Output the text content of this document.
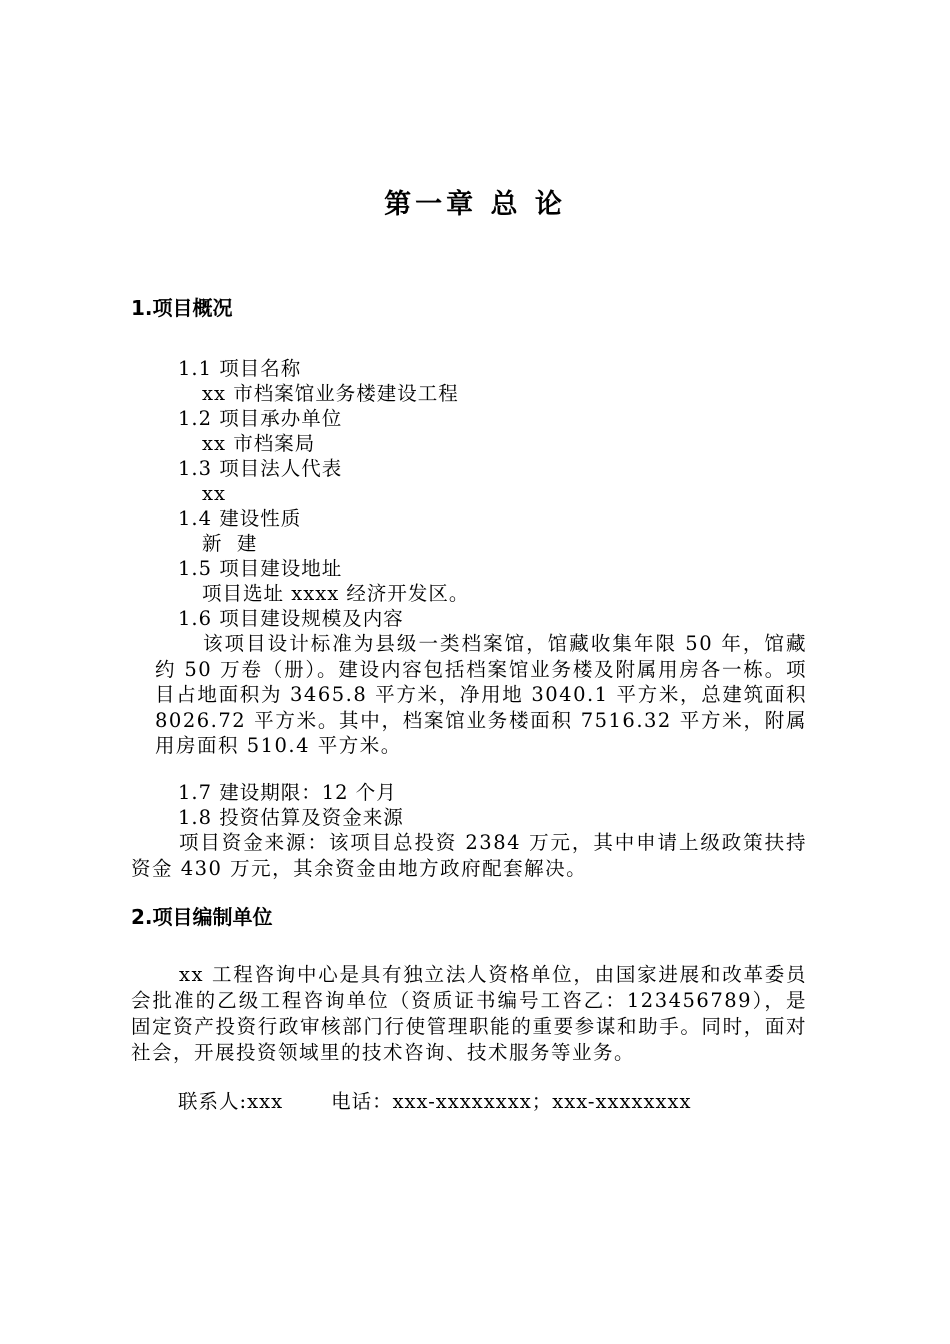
第一章 总 论
1.项目概况
1.1 项目名称
xx 市档案馆业务楼建设工程
1.2 项目承办单位
xx 市档案局
1.3 项目法人代表
xx
1.4 建设性质
新  建
1.5 项目建设地址
项目选址 xxxx 经济开发区。
1.6 项目建设规模及内容
该项目设计标准为县级一类档案馆，馆藏收集年限 50 年，馆藏约 50 万卷（册）。建设内容包括档案馆业务楼及附属用房各一栋。项目占地面积为 3465.8 平方米，净用地 3040.1 平方米，总建筑面积 8026.72 平方米。其中，档案馆业务楼面积 7516.32 平方米，附属用房面积 510.4 平方米。
1.7 建设期限：12 个月
1.8 投资估算及资金来源
项目资金来源：该项目总投资 2384 万元，其中申请上级政策扶持资金 430 万元，其余资金由地方政府配套解决。
2.项目编制单位
xx 工程咨询中心是具有独立法人资格单位，由国家进展和改革委员会批准的乙级工程咨询单位（资质证书编号工咨乙：123456789），是固定资产投资行政审核部门行使管理职能的重要参谋和助手。同时，面对社会，开展投资领域里的技术咨询、技术服务等业务。
联系人:xxx 电话：xxx-xxxxxxxx；xxx-xxxxxxxx
